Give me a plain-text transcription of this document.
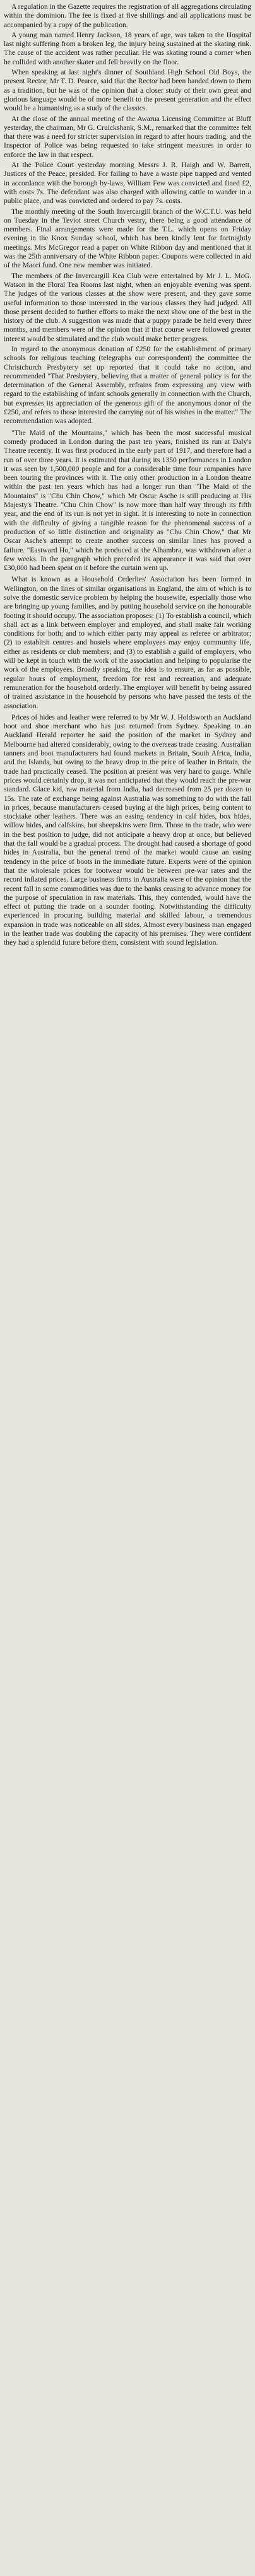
A regulation in the Gazette requires the registration of all aggregations circulating within the dominion. The fee is fixed at five shillings and all applications must be accompanied by a copy of the publication.

A young man named Henry Jackson, 18 years of age, was taken to the Hospital last night suffering from a broken leg, the injury being sustained at the skating rink. The cause of the accident was rather peculiar. He was skating round a corner when he collided with another skater and fell heavily on the floor.

When speaking at last night's dinner of Southland High School Old Boys, the present Rector, Mr T. D. Pearce, said that the Rector had been handed down to them as a tradition, but he was of the opinion that a closer study of their own great and glorious language would be of more benefit to the present generation and the effect would be a humanising as a study of the classics.

At the close of the annual meeting of the Awarua Licensing Committee at Bluff yesterday, the chairman, Mr G. Cruickshank, S.M., remarked that the committee felt that there was a need for stricter supervision in regard to after hours trading, and the Inspector of Police was being requested to take stringent measures in order to enforce the law in that respect.

At the Police Court yesterday morning Messrs J. R. Haigh and W. Barrett, Justices of the Peace, presided. For failing to have a waste pipe trapped and vented in accordance with the borough by-laws, William Few was convicted and fined £2, with costs 7s. The defendant was also charged with allowing cattle to wander in a public place, and was convicted and ordered to pay 7s. costs.

The monthly meeting of the South Invercargill branch of the W.C.T.U. was held on Tuesday in the Teviot street Church vestry, there being a good attendance of members. Final arrangements were made for the T.L. which opens on Friday evening in the Knox Sunday school, which has been kindly lent for fortnightly meetings. Mrs McGregor read a paper on White Ribbon day and mentioned that it was the 25th anniversary of the White Ribbon paper. Coupons were collected in aid of the Maori fund. One new member was initiated.

The members of the Invercargill Kea Club were entertained by Mr J. L. McG. Watson in the Floral Tea Rooms last night, when an enjoyable evening was spent. The judges of the various classes at the show were present, and they gave some useful information to those interested in the various classes they had judged. All those present decided to further efforts to make the next show one of the best in the history of the club. A suggestion was made that a puppy parade be held every three months, and members were of the opinion that if that course were followed greater interest would be stimulated and the club would make better progress.

In regard to the anonymous donation of £250 for the establishment of primary schools for religious teaching (telegraphs our correspondent) the committee the Christchurch Presbytery set up reported that it could take no action, and recommended "That Presbytery, believing that a matter of general policy is for the determination of the General Assembly, refrains from expressing any view with regard to the establishing of infant schools generally in connection with the Church, but expresses its appreciation of the generous gift of the anonymous donor of the £250, and refers to those interested the carrying out of his wishes in the matter." The recommendation was adopted.

"The Maid of the Mountains," which has been the most successful musical comedy produced in London during the past ten years, finished its run at Daly's Theatre recently. It was first produced in the early part of 1917, and therefore had a run of over three years. It is estimated that during its 1350 performances in London it was seen by 1,500,000 people and for a considerable time four companies have been touring the provinces with it. The only other production in a London theatre within the past ten years which has had a longer run than "The Maid of the Mountains" is "Chu Chin Chow," which Mr Oscar Asche is still producing at His Majesty's Theatre. "Chu Chin Chow" is now more than half way through its fifth year, and the end of its run is not yet in sight. It is interesting to note in connection with the difficulty of giving a tangible reason for the phenomenal success of a production of so little distinction and originality as "Chu Chin Chow," that Mr Oscar Asche's attempt to create another success on similar lines has proved a failure. "Eastward Ho," which he produced at the Alhambra, was withdrawn after a few weeks. In the paragraph which preceded its appearance it was said that over £30,000 had been spent on it before the curtain went up.

What is known as a Household Orderlies' Association has been formed in Wellington, on the lines of similar organisations in England, the aim of which is to solve the domestic service problem by helping the housewife, especially those who are bringing up young families, and by putting household service on the honourable footing it should occupy. The association proposes: (1) To establish a council, which shall act as a link between employer and employed, and shall make fair working conditions for both; and to which either party may appeal as referee or arbitrator; (2) to establish centres and hostels where employees may enjoy community life, either as residents or club members; and (3) to establish a guild of employers, who will be kept in touch with the work of the association and helping to popularise the work of the employees. Broadly speaking, the idea is to ensure, as far as possible, regular hours of employment, freedom for rest and recreation, and adequate remuneration for the household orderly. The employer will benefit by being assured of trained assistance in the household by persons who have passed the tests of the association.

Prices of hides and leather were referred to by Mr W. J. Holdsworth an Auckland boot and shoe merchant who has just returned from Sydney. Speaking to an Auckland Herald reporter he said the position of the market in Sydney and Melbourne had altered considerably, owing to the overseas trade ceasing. Australian tanners and boot manufacturers had found markets in Britain, South Africa, India, and the Islands, but owing to the heavy drop in the price of leather in Britain, the trade had practically ceased. The position at present was very hard to gauge. While prices would certainly drop, it was not anticipated that they would reach the pre-war standard. Glace kid, raw material from India, had decreased from 25 per dozen to 15s. The rate of exchange being against Australia was something to do with the fall in prices, because manufacturers ceased buying at the high prices, being content to stocktake other leathers. There was an easing tendency in calf hides, box hides, willow hides, and calfskins, but sheepskins were firm. Those in the trade, who were in the best position to judge, did not anticipate a heavy drop at once, but believed that the fall would be a gradual process. The drought had caused a shortage of good hides in Australia, but the general trend of the market would cause an easing tendency in the price of boots in the immediate future. Experts were of the opinion that the wholesale prices for footwear would be between pre-war rates and the record inflated prices. Large business firms in Australia were of the opinion that the recent fall in some commodities was due to the banks ceasing to advance money for the purpose of speculation in raw materials. This, they contended, would have the effect of putting the trade on a sounder footing. Notwithstanding the difficulty experienced in procuring building material and skilled labour, a tremendous expansion in trade was noticeable on all sides. Almost every business man engaged in the leather trade was doubling the capacity of his premises. They were confident they had a splendid future before them, consistent with sound legislation.
